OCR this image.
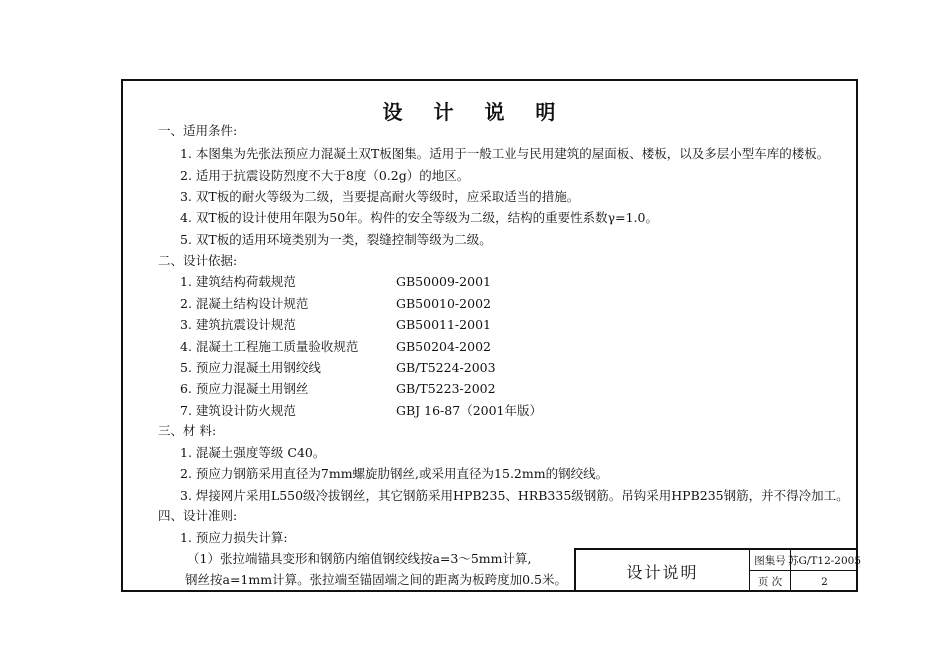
设 计 说 明
一、适用条件:
1. 本图集为先张法预应力混凝土双T板图集。适用于一般工业与民用建筑的屋面板、楼板，以及多层小型车库的楼板。
2. 适用于抗震设防烈度不大于8度（0.2g）的地区。
3. 双T板的耐火等级为二级，当要提高耐火等级时，应采取适当的措施。
4. 双T板的设计使用年限为50年。构件的安全等级为二级，结构的重要性系数γ=1.0。
5. 双T板的适用环境类别为一类，裂缝控制等级为二级。
二、设计依据:
1. 建筑结构荷载规范	GB50009-2001
2. 混凝土结构设计规范	GB50010-2002
3. 建筑抗震设计规范	GB50011-2001
4. 混凝土工程施工质量验收规范	GB50204-2002
5. 预应力混凝土用钢绞线	GB/T5224-2003
6. 预应力混凝土用钢丝	GB/T5223-2002
7. 建筑设计防火规范	GBJ 16-87（2001年版）
三、材 料:
1. 混凝土强度等级 C40。
2. 预应力钢筋采用直径为7mm螺旋肋钢丝,或采用直径为15.2mm的钢绞线。
3. 焊接网片采用L550级冷拔钢丝，其它钢筋采用HPB235、HRB335级钢筋。吊钩采用HPB235钢筋，并不得冷加工。
四、设计准则:
1. 预应力损失计算:
（1）张拉端锚具变形和钢筋内缩值钢绞线按a=3～5mm计算,
钢丝按a=1mm计算。张拉端至锚固端之间的距离为板跨度加0.5米。	设计说明
图集号 苏G/T12-2005
页 次	2
